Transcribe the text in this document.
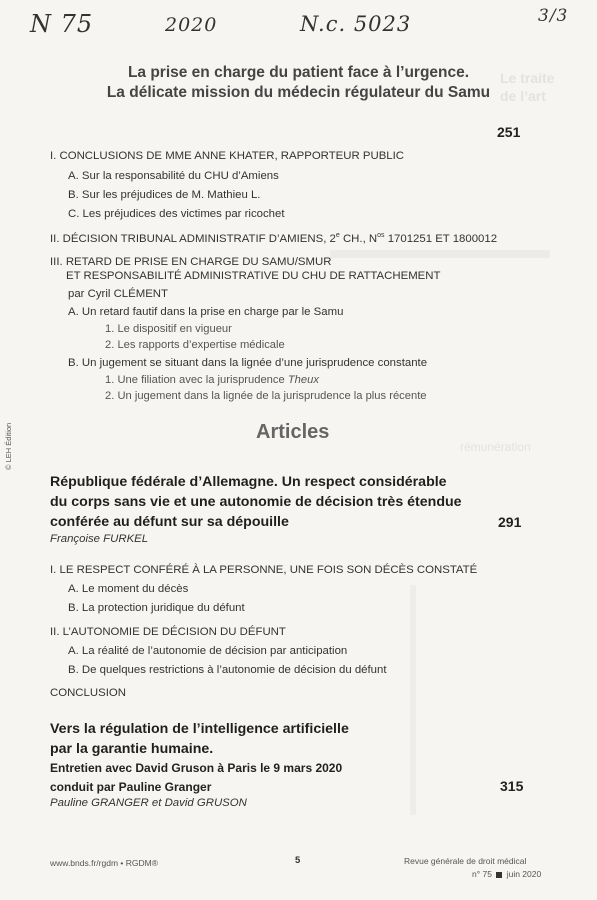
N 75	2020	N.c. 5023	3/3
Le traite
de l’art
rémunération
La prise en charge du patient face à l’urgence.
La délicate mission du médecin régulateur du Samu
251
I. CONCLUSIONS DE MME ANNE KHATER, RAPPORTEUR PUBLIC
A. Sur la responsabilité du CHU d’Amiens
B. Sur les préjudices de M. Mathieu L.
C. Les préjudices des victimes par ricochet
II. DÉCISION TRIBUNAL ADMINISTRATIF D’AMIENS, 2e CH., $N^{os}$ 1701251 ET 1800012
III. RETARD DE PRISE EN CHARGE DU SAMU/SMUR
ET RESPONSABILITÉ ADMINISTRATIVE DU CHU DE RATTACHEMENT
par Cyril CLÉMENT
A. Un retard fautif dans la prise en charge par le Samu
1. Le dispositif en vigueur
2. Les rapports d’expertise médicale
B. Un jugement se situant dans la lignée d’une jurisprudence constante
1. Une filiation avec la jurisprudence Theux
2. Un jugement dans la lignée de la jurisprudence la plus récente
Articles
© LEH Édition
République fédérale d’Allemagne. Un respect considérable
du corps sans vie et une autonomie de décision très étendue
conférée au défunt sur sa dépouille	291
Françoise FURKEL
I. LE RESPECT CONFÉRÉ À LA PERSONNE, UNE FOIS SON DÉCÈS CONSTATÉ
A. Le moment du décès
B. La protection juridique du défunt
II. L’AUTONOMIE DE DÉCISION DU DÉFUNT
A. La réalité de l’autonomie de décision par anticipation
B. De quelques restrictions à l’autonomie de décision du défunt
CONCLUSION
Vers la régulation de l’intelligence artificielle
par la garantie humaine.
Entretien avec David Gruson à Paris le 9 mars 2020
conduit par Pauline Granger	315
Pauline GRANGER et David GRUSON
www.bnds.fr/rgdm • RGDM®	5	Revue générale de droit médical
n° 75 juin 2020
